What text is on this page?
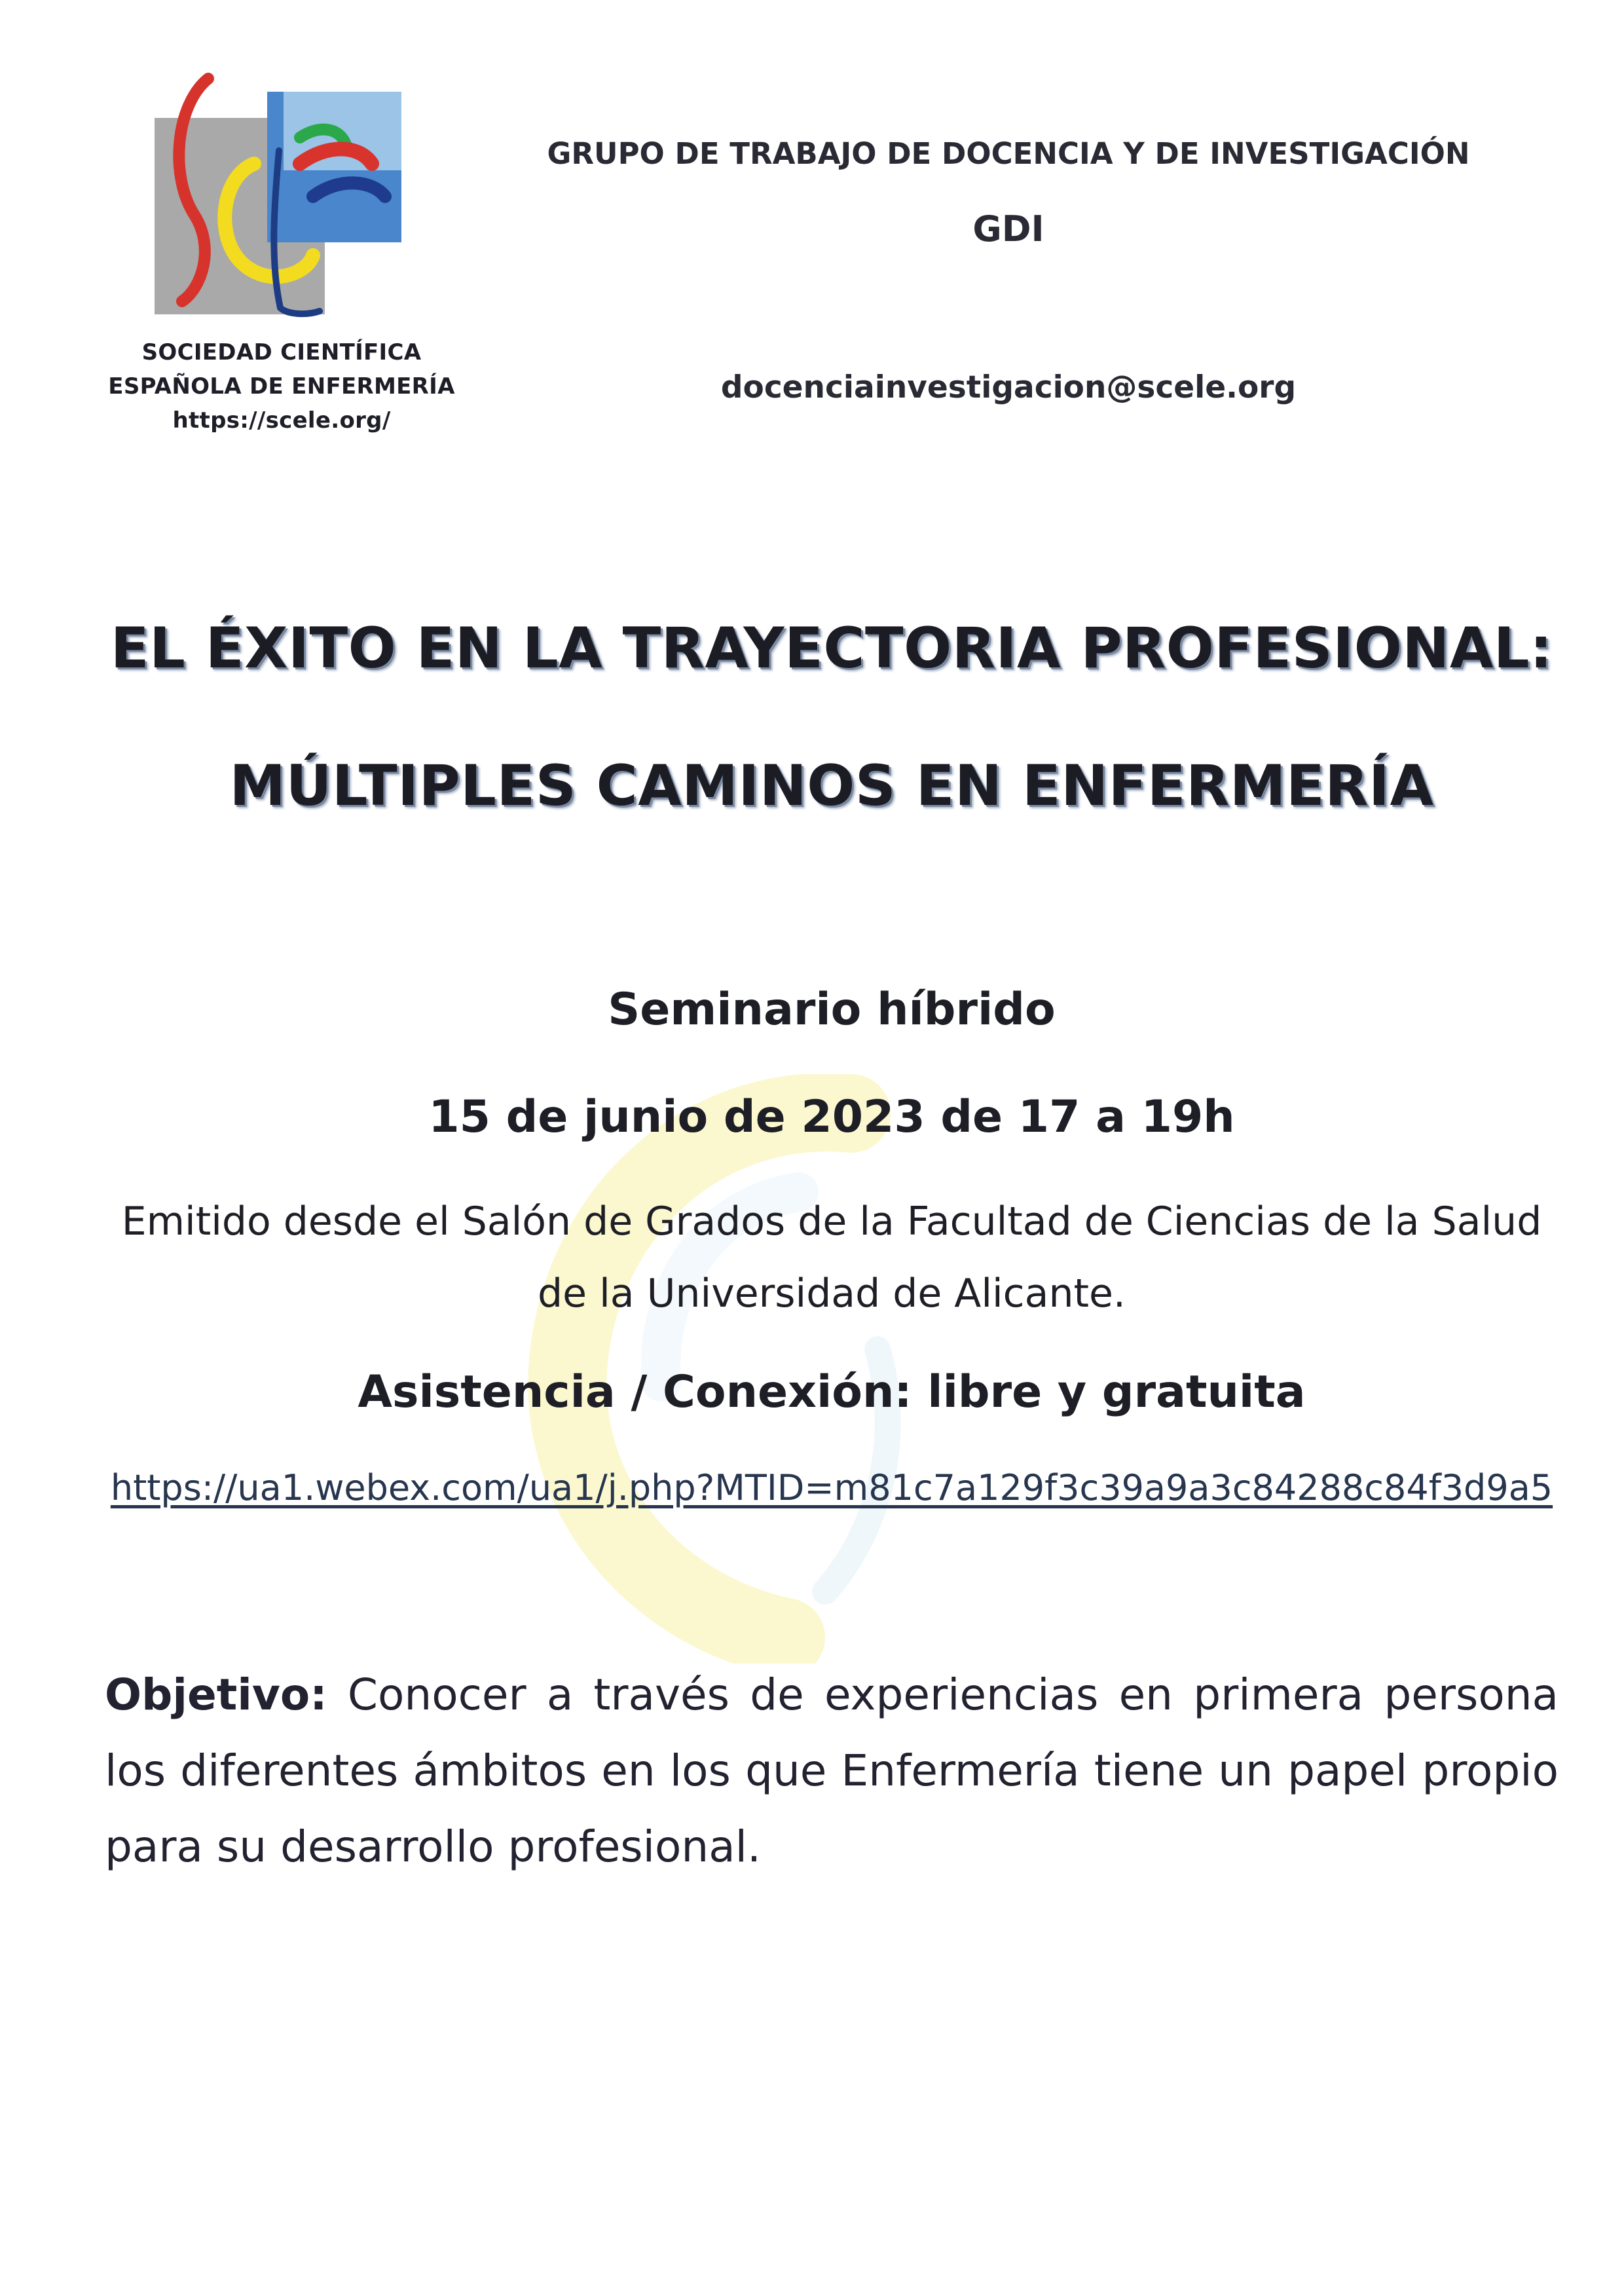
SOCIEDAD CIENTÍFICA
ESPAÑOLA DE ENFERMERÍA
https://scele.org/
GRUPO DE TRABAJO DE DOCENCIA Y DE INVESTIGACIÓN
GDI
docenciainvestigacion@scele.org
EL ÉXITO EN LA TRAYECTORIA PROFESIONAL:
MÚLTIPLES CAMINOS EN ENFERMERÍA
Seminario híbrido
15 de junio de 2023 de 17 a 19h
Emitido desde el Salón de Grados de la Facultad de Ciencias de la Salud
de la Universidad de Alicante.
Asistencia / Conexión: libre y gratuita
https://ua1.webex.com/ua1/j.php?MTID=m81c7a129f3c39a9a3c84288c84f3d9a5
Objetivo: Conocer a través de experiencias en primera persona los diferentes ámbitos en los que Enfermería tiene un papel propio para su desarrollo profesional.
